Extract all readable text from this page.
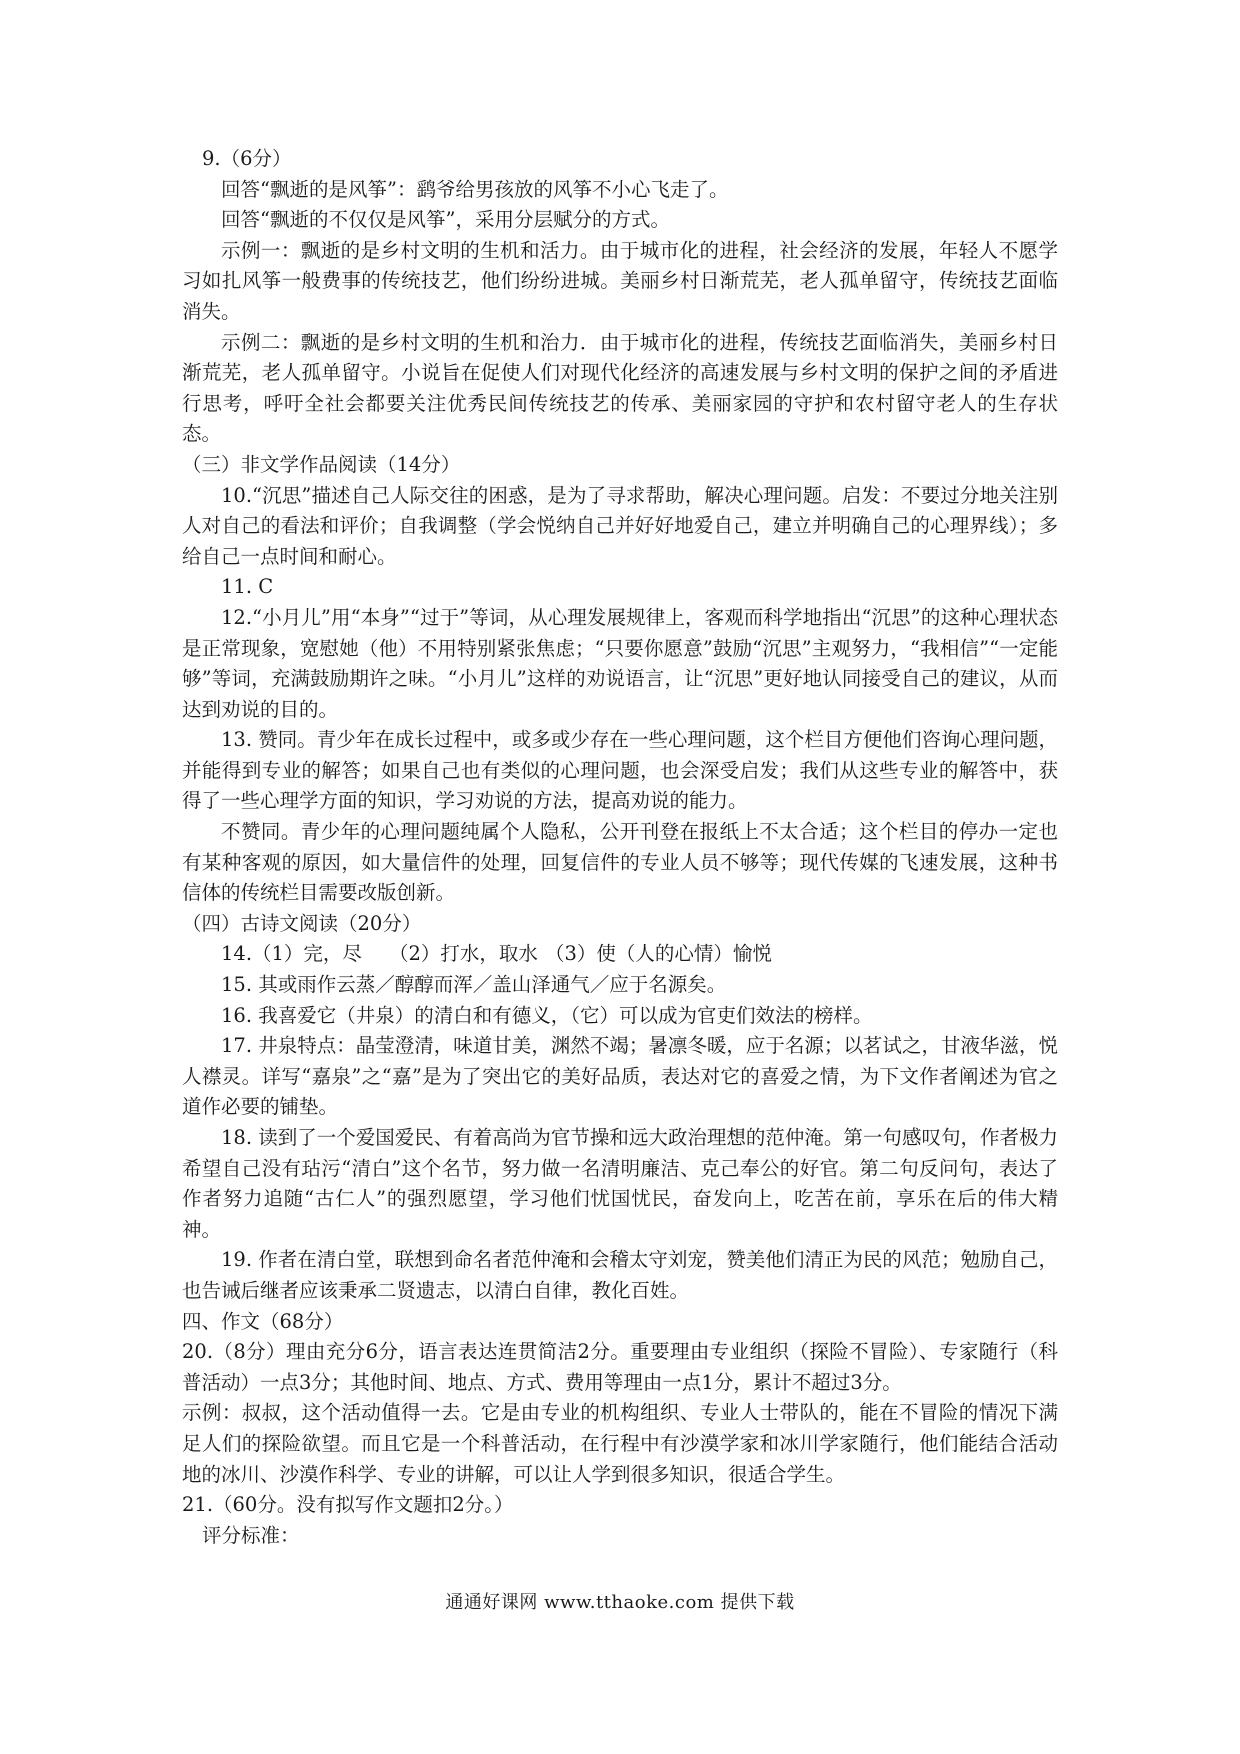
9.（6分）

回答“飘逝的是风筝”：鹞爷给男孩放的风筝不小心飞走了。

回答“飘逝的不仅仅是风筝”，采用分层赋分的方式。

示例一：飘逝的是乡村文明的生机和活力。由于城市化的进程，社会经济的发展，年轻人不愿学习如扎风筝一般费事的传统技艺，他们纷纷进城。美丽乡村日渐荒芜，老人孤单留守，传统技艺面临消失。

示例二：飘逝的是乡村文明的生机和治力．由于城市化的进程，传统技艺面临消失，美丽乡村日渐荒芜，老人孤单留守。小说旨在促使人们对现代化经济的高速发展与乡村文明的保护之间的矛盾进行思考，呼吁全社会都要关注优秀民间传统技艺的传承、美丽家园的守护和农村留守老人的生存状态。

（三）非文学作品阅读（14分）

10.“沉思”描述自己人际交往的困惑，是为了寻求帮助，解决心理问题。启发：不要过分地关注别人对自己的看法和评价；自我调整（学会悦纳自己并好好地爱自己，建立并明确自己的心理界线）；多给自己一点时间和耐心。

11. C

12.“小月儿”用“本身”“过于”等词，从心理发展规律上，客观而科学地指出“沉思”的这种心理状态是正常现象，宽慰她（他）不用特别紧张焦虑；“只要你愿意”鼓励“沉思”主观努力，“我相信”“一定能够”等词，充满鼓励期许之味。“小月儿”这样的劝说语言，让“沉思”更好地认同接受自己的建议，从而达到劝说的目的。

13. 赞同。青少年在成长过程中，或多或少存在一些心理问题，这个栏目方便他们咨询心理问题，并能得到专业的解答；如果自己也有类似的心理问题，也会深受启发；我们从这些专业的解答中，获得了一些心理学方面的知识，学习劝说的方法，提高劝说的能力。

不赞同。青少年的心理问题纯属个人隐私，公开刊登在报纸上不太合适；这个栏目的停办一定也有某种客观的原因，如大量信件的处理，回复信件的专业人员不够等；现代传媒的飞速发展，这种书信体的传统栏目需要改版创新。

（四）古诗文阅读（20分）

14.（1）完，尽 （2）打水，取水 （3）使（人的心情）愉悦

15. 其或雨作云蒸／醇醇而浑／盖山泽通气／应于名源矣。

16. 我喜爱它（井泉）的清白和有德义，（它）可以成为官吏们效法的榜样。

17. 井泉特点：晶莹澄清，味道甘美，渊然不竭；暑凛冬暖，应于名源；以茗试之，甘液华滋，悦人襟灵。详写“嘉泉”之“嘉”是为了突出它的美好品质，表达对它的喜爱之情，为下文作者阐述为官之道作必要的铺垫。

18. 读到了一个爱国爱民、有着高尚为官节操和远大政治理想的范仲淹。第一句感叹句，作者极力希望自己没有玷污“清白”这个名节，努力做一名清明廉洁、克己奉公的好官。第二句反问句，表达了作者努力追随“古仁人”的强烈愿望，学习他们忧国忧民，奋发向上，吃苦在前，享乐在后的伟大精神。

19. 作者在清白堂，联想到命名者范仲淹和会稽太守刘宠，赞美他们清正为民的风范；勉励自己，也告诫后继者应该秉承二贤遗志，以清白自律，教化百姓。

四、作文（68分）

20.（8分）理由充分6分，语言表达连贯简洁2分。重要理由专业组织（探险不冒险）、专家随行（科普活动）一点3分；其他时间、地点、方式、费用等理由一点1分，累计不超过3分。

示例：叔叔，这个活动值得一去。它是由专业的机构组织、专业人士带队的，能在不冒险的情况下满足人们的探险欲望。而且它是一个科普活动，在行程中有沙漠学家和冰川学家随行，他们能结合活动地的冰川、沙漠作科学、专业的讲解，可以让人学到很多知识，很适合学生。

21.（60分。没有拟写作文题扣2分。）

评分标准：

通通好课网 www.tthaoke.com 提供下载
